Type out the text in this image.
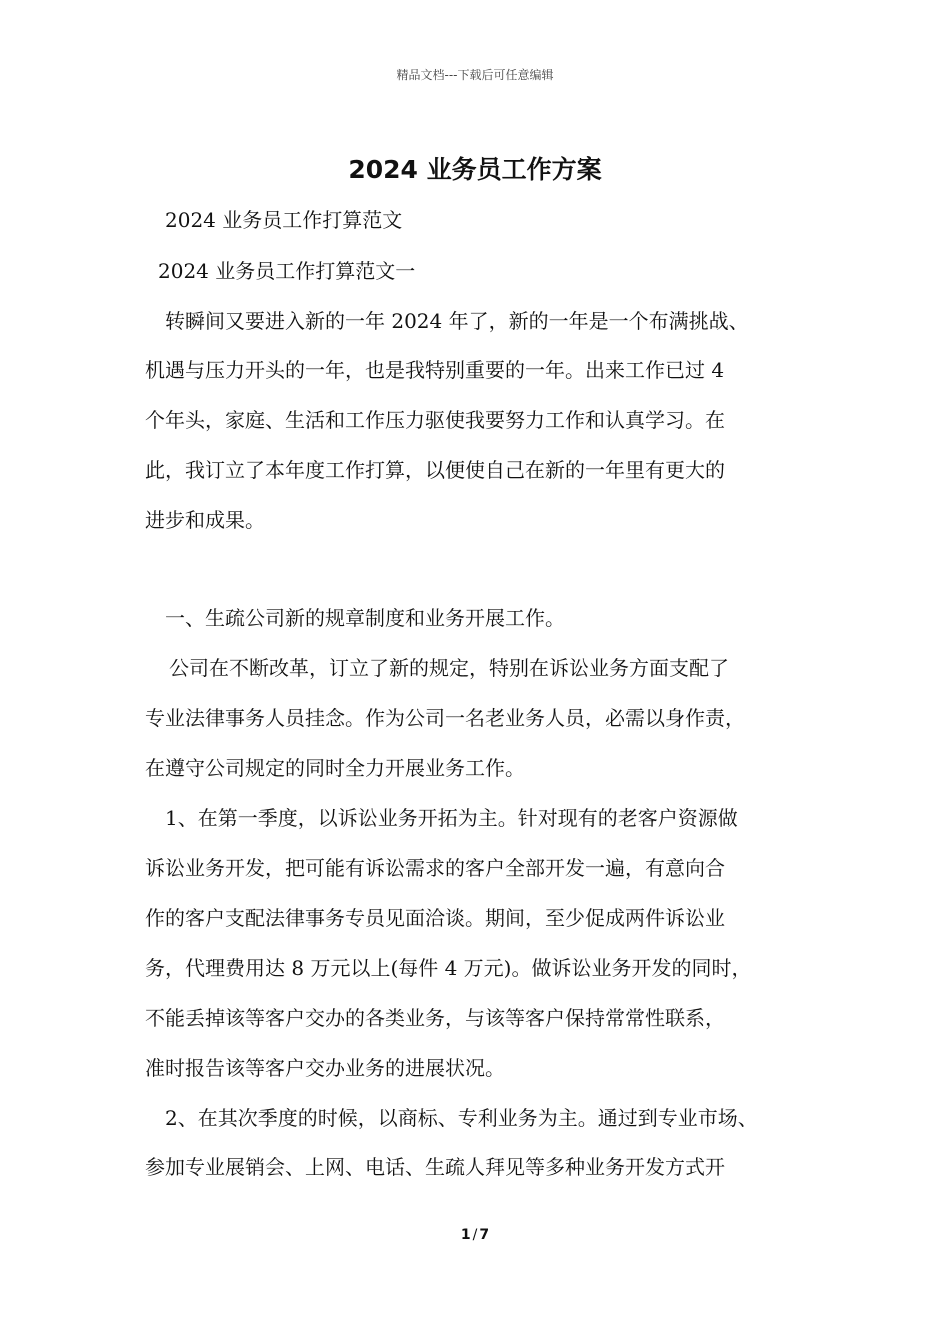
精品文档---下载后可任意编辑
2024 业务员工作方案
2024 业务员工作打算范文
2024 业务员工作打算范文一
转瞬间又要进入新的一年 2024 年了，新的一年是一个布满挑战、
机遇与压力开头的一年，也是我特别重要的一年。出来工作已过 4
个年头，家庭、生活和工作压力驱使我要努力工作和认真学习。在
此，我订立了本年度工作打算，以便使自己在新的一年里有更大的
进步和成果。
一、生疏公司新的规章制度和业务开展工作。
公司在不断改革，订立了新的规定，特别在诉讼业务方面支配了
专业法律事务人员挂念。作为公司一名老业务人员，必需以身作责，
在遵守公司规定的同时全力开展业务工作。
1、在第一季度，以诉讼业务开拓为主。针对现有的老客户资源做
诉讼业务开发，把可能有诉讼需求的客户全部开发一遍，有意向合
作的客户支配法律事务专员见面洽谈。期间，至少促成两件诉讼业
务，代理费用达 8 万元以上(每件 4 万元)。做诉讼业务开发的同时，
不能丢掉该等客户交办的各类业务，与该等客户保持常常性联系，
准时报告该等客户交办业务的进展状况。
2、在其次季度的时候，以商标、专利业务为主。通过到专业市场、
参加专业展销会、上网、电话、生疏人拜见等多种业务开发方式开
1 / 7
